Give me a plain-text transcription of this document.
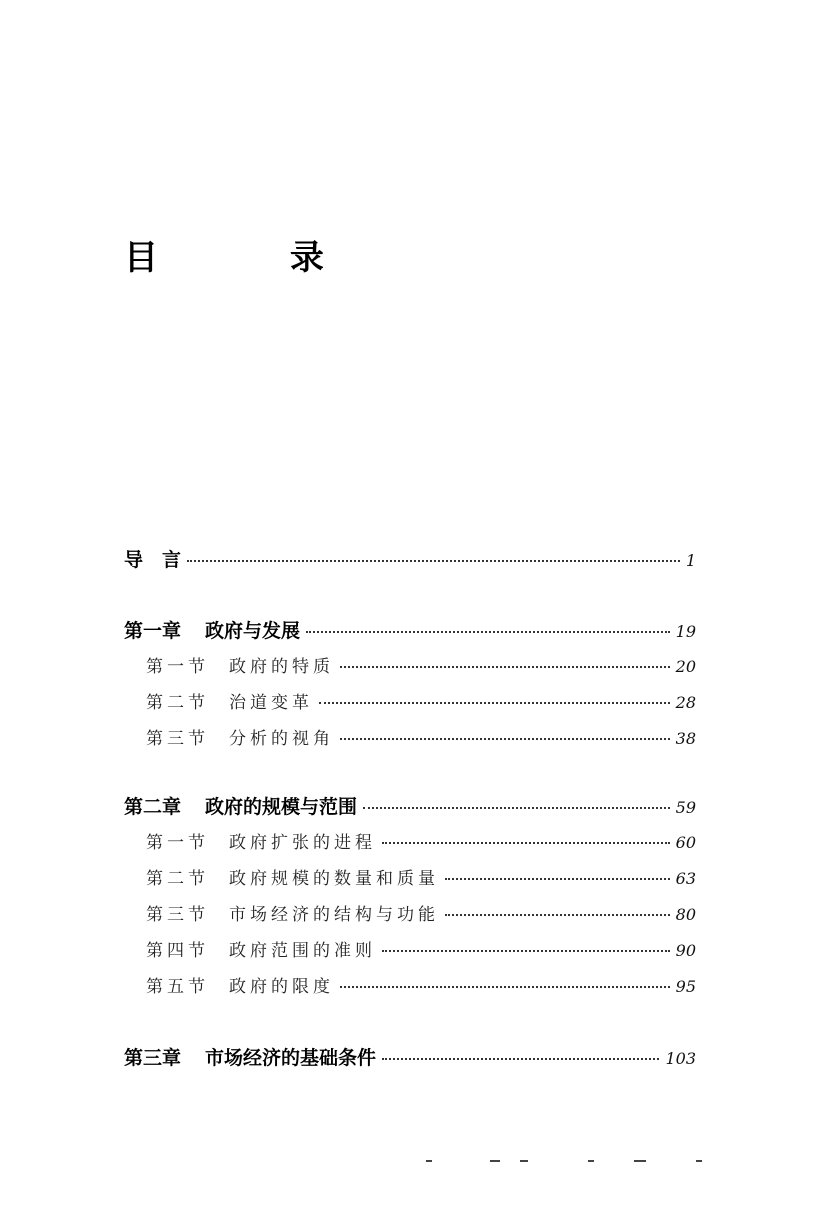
目 录
导　言	1
第一章 政府与发展	19
第一节 政府的特质	20
第二节 治道变革	28
第三节 分析的视角	38
第二章 政府的规模与范围	59
第一节 政府扩张的进程	60
第二节 政府规模的数量和质量	63
第三节 市场经济的结构与功能	80
第四节 政府范围的准则	90
第五节 政府的限度	95
第三章 市场经济的基础条件	103
